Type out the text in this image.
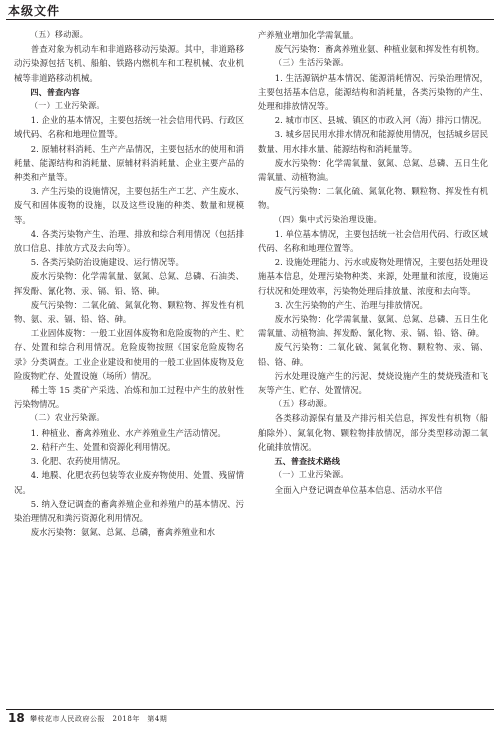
本级文件

（五）移动源。

普查对象为机动车和非道路移动污染源。其中，非道路移动污染源包括飞机、船舶、铁路内燃机车和工程机械、农业机械等非道路移动机械。

四、普查内容

（一）工业污染源。

1. 企业的基本情况，主要包括统一社会信用代码、行政区域代码、名称和地理位置等。

2. 原辅材料消耗、生产产品情况，主要包括水的使用和消耗量、能源结构和消耗量、原辅材料消耗量、企业主要产品的种类和产量等。

3. 产生污染的设施情况，主要包括生产工艺、产生废水、废气和固体废物的设施，以及这些设施的种类、数量和规模等。

4. 各类污染物产生、治理、排放和综合利用情况（包括排放口信息、排放方式及去向等）。

5. 各类污染防治设施建设、运行情况等。

废水污染物：化学需氧量、氨氮、总氮、总磷、石油类、挥发酚、氰化物、汞、镉、铅、铬、砷。

废气污染物：二氧化硫、氮氧化物、颗粒物、挥发性有机物、氨、汞、镉、铅、铬、砷。

工业固体废物：一般工业固体废物和危险废物的产生、贮存、处置和综合利用情况。危险废物按照《国家危险废物名录》分类调查。工业企业建设和使用的一般工业固体废物及危险废物贮存、处置设施（场所）情况。

稀土等 15 类矿产采选、冶炼和加工过程中产生的放射性污染物情况。

（二）农业污染源。

1. 种植业、畜禽养殖业、水产养殖业生产活动情况。

2. 秸秆产生、处置和资源化利用情况。

3. 化肥、农药使用情况。

4. 地膜、化肥农药包装等农业废弃物使用、处置、残留情况。

5. 纳入登记调查的畜禽养殖企业和养殖户的基本情况、污染治理情况和粪污资源化利用情况。

废水污染物：氨氮、总氮、总磷，畜禽养殖业和水

产养殖业增加化学需氧量。

废气污染物：畜禽养殖业氨、种植业氨和挥发性有机物。

（三）生活污染源。

1. 生活源锅炉基本情况、能源消耗情况、污染治理情况，主要包括基本信息，能源结构和消耗量，各类污染物的产生、处理和排放情况等。

2. 城市市区、县城、镇区的市政入河（海）排污口情况。

3. 城乡居民用水排水情况和能源使用情况，包括城乡居民数量、用水排水量、能源结构和消耗量等。

废水污染物：化学需氧量、氨氮、总氮、总磷、五日生化需氧量、动植物油。

废气污染物：二氧化硫、氮氧化物、颗粒物、挥发性有机物。

（四）集中式污染治理设施。

1. 单位基本情况，主要包括统一社会信用代码、行政区域代码、名称和地理位置等。

2. 设施处理能力、污水或废物处理情况，主要包括处理设施基本信息，处理污染物种类、来源，处理量和浓度，设施运行状况和处理效率，污染物处理后排放量、浓度和去向等。

3. 次生污染物的产生、治理与排放情况。

废水污染物：化学需氧量、氨氮、总氮、总磷、五日生化需氧量、动植物油、挥发酚、氰化物、汞、镉、铅、铬、砷。

废气污染物：二氧化硫、氮氧化物、颗粒物、汞、镉、铅、铬、砷。

污水处理设施产生的污泥、焚烧设施产生的焚烧残渣和飞灰等产生、贮存、处置情况。

（五）移动源。

各类移动源保有量及产排污相关信息，挥发性有机物（船舶除外）、氮氧化物、颗粒物排放情况，部分类型移动源二氧化硫排放情况。

五、普查技术路线

（一）工业污染源。

全面入户登记调查单位基本信息、活动水平信

18 攀枝花市人民政府公报　2018年　第4期
